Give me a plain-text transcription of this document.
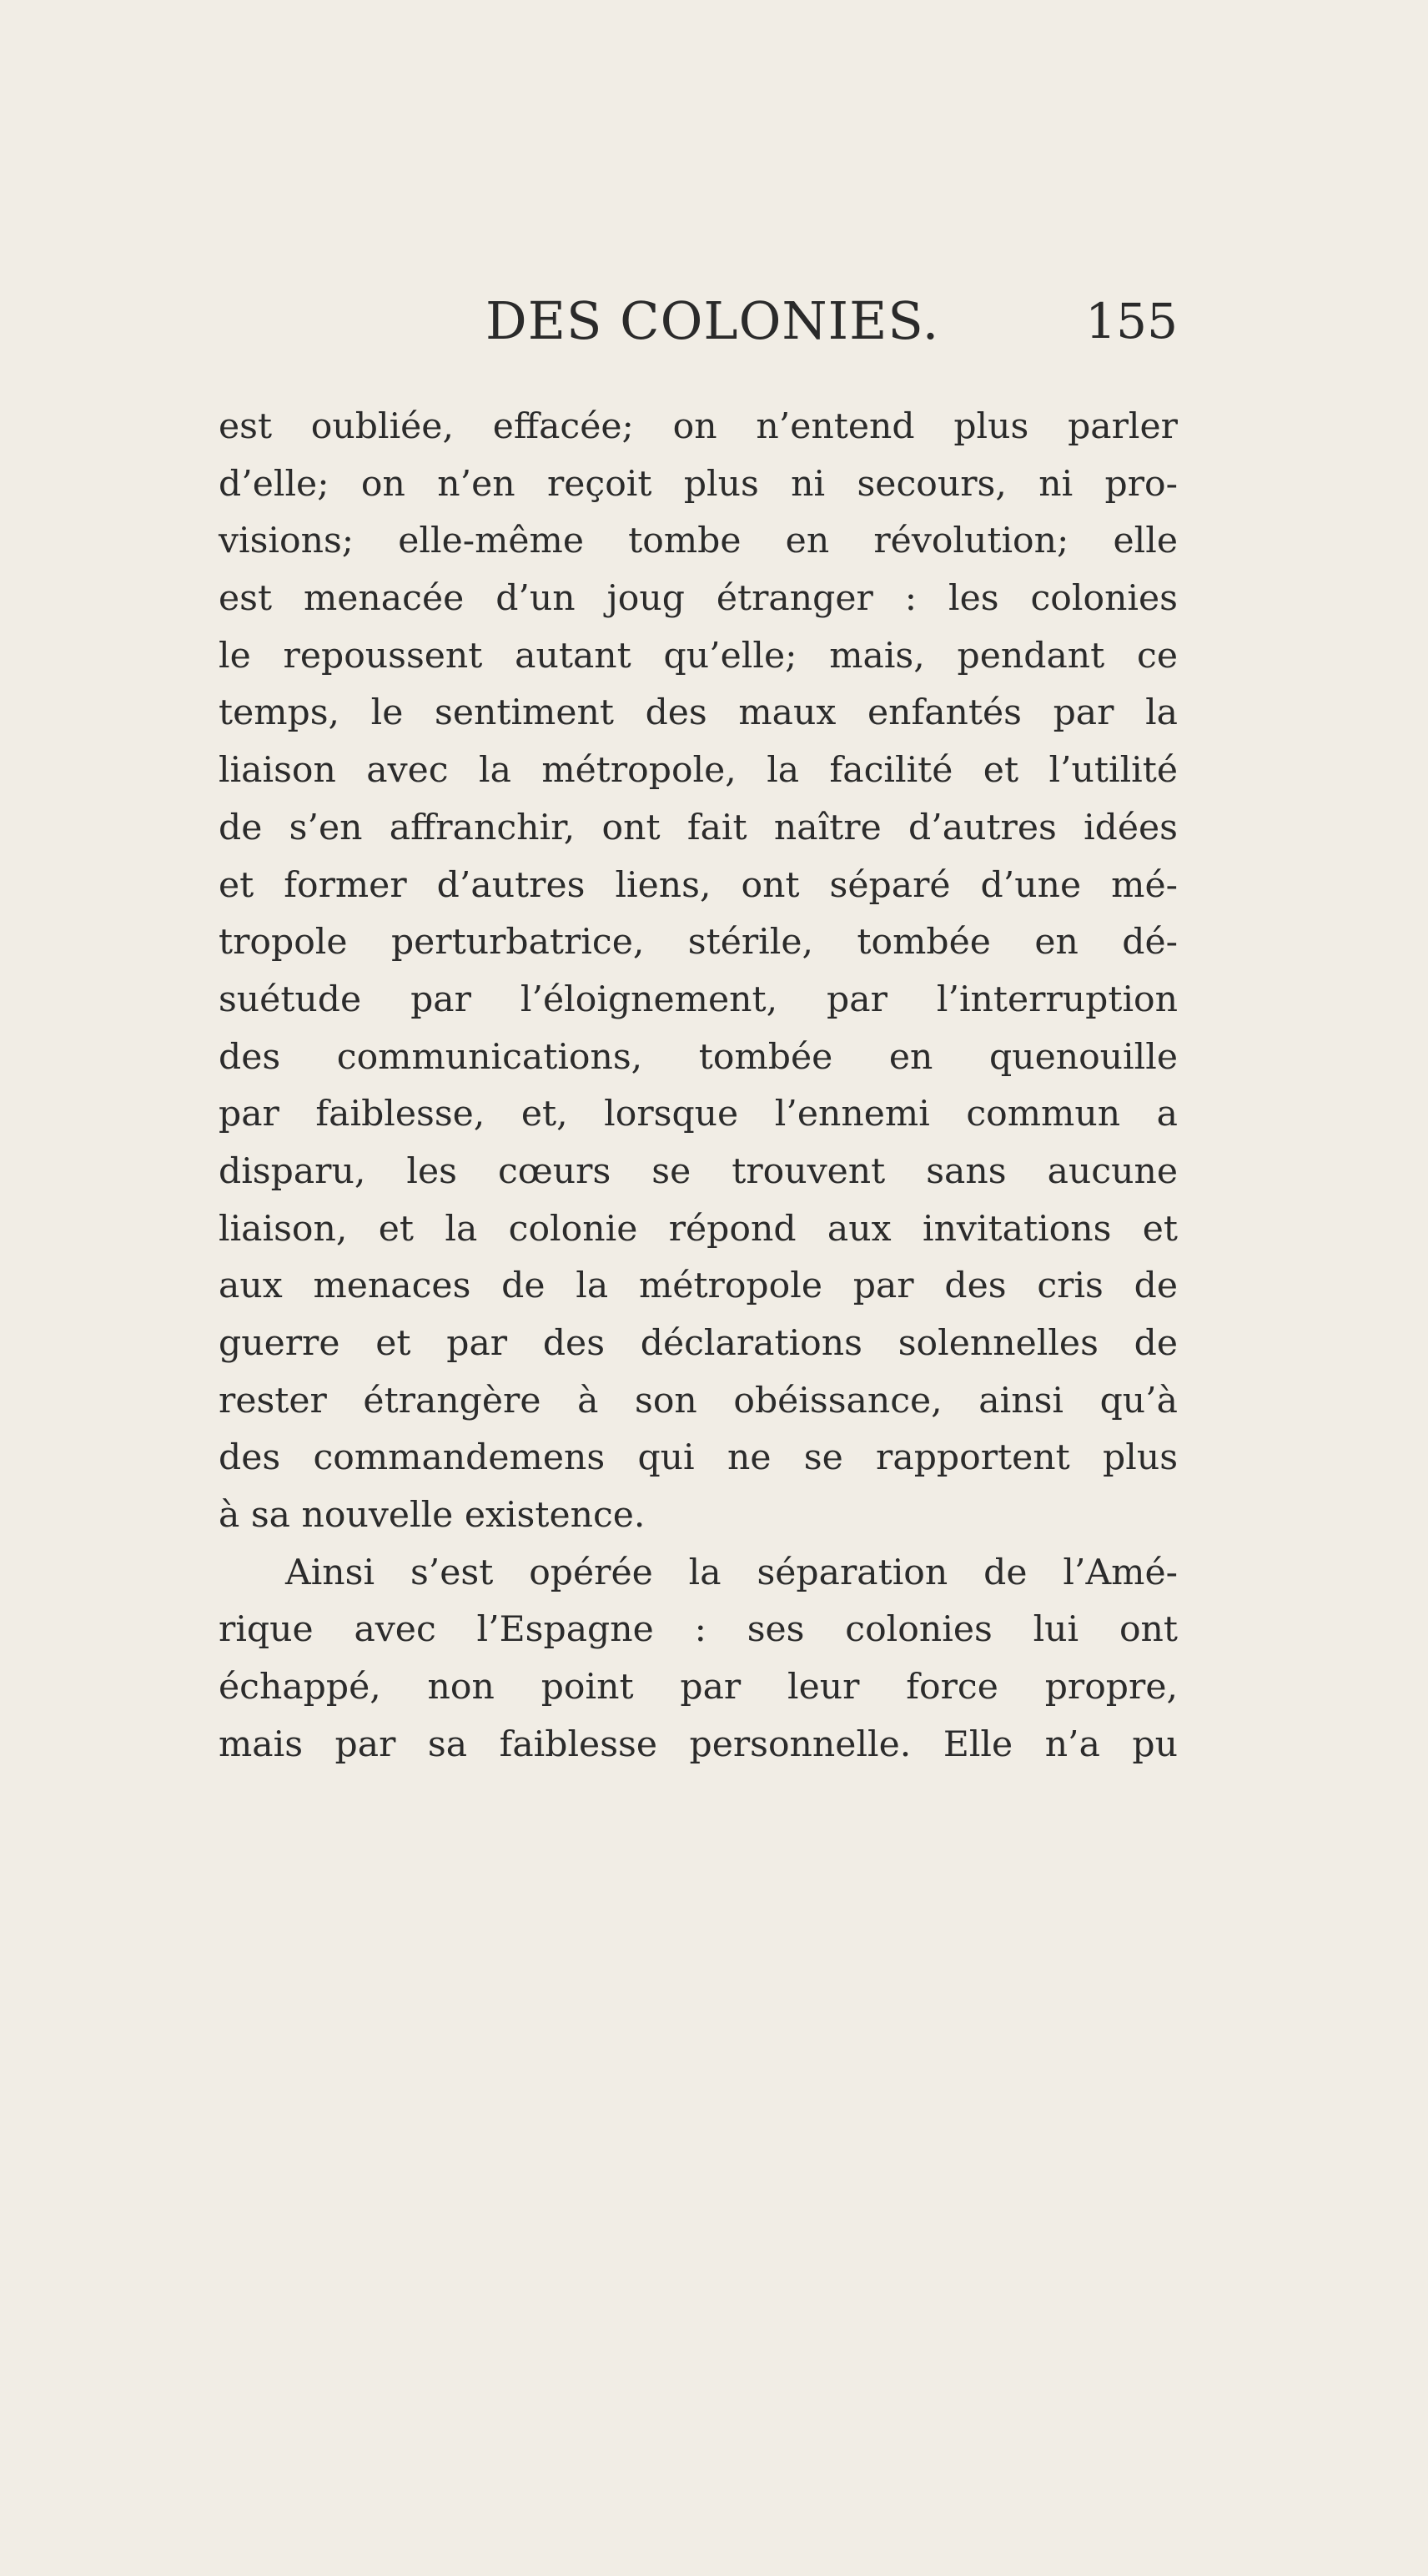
DES COLONIES.	155
est oubliée, effacée; on n’entend plus parler
d’elle; on n’en reçoit plus ni secours, ni pro-
visions; elle-même tombe en révolution; elle
est menacée d’un joug étranger : les colonies
le repoussent autant qu’elle; mais, pendant ce
temps, le sentiment des maux enfantés par la
liaison avec la métropole, la facilité et l’utilité
de s’en affranchir, ont fait naître d’autres idées
et former d’autres liens, ont séparé d’une mé-
tropole perturbatrice, stérile, tombée en dé-
suétude par l’éloignement, par l’interruption
des communications, tombée en quenouille
par faiblesse, et, lorsque l’ennemi commun a
disparu, les cœurs se trouvent sans aucune
liaison, et la colonie répond aux invitations et
aux menaces de la métropole par des cris de
guerre et par des déclarations solennelles de
rester étrangère à son obéissance, ainsi qu’à
des commandemens qui ne se rapportent plus
à sa nouvelle existence.
Ainsi s’est opérée la séparation de l’Amé-
rique avec l’Espagne : ses colonies lui ont
échappé, non point par leur force propre,
mais par sa faiblesse personnelle. Elle n’a pu
